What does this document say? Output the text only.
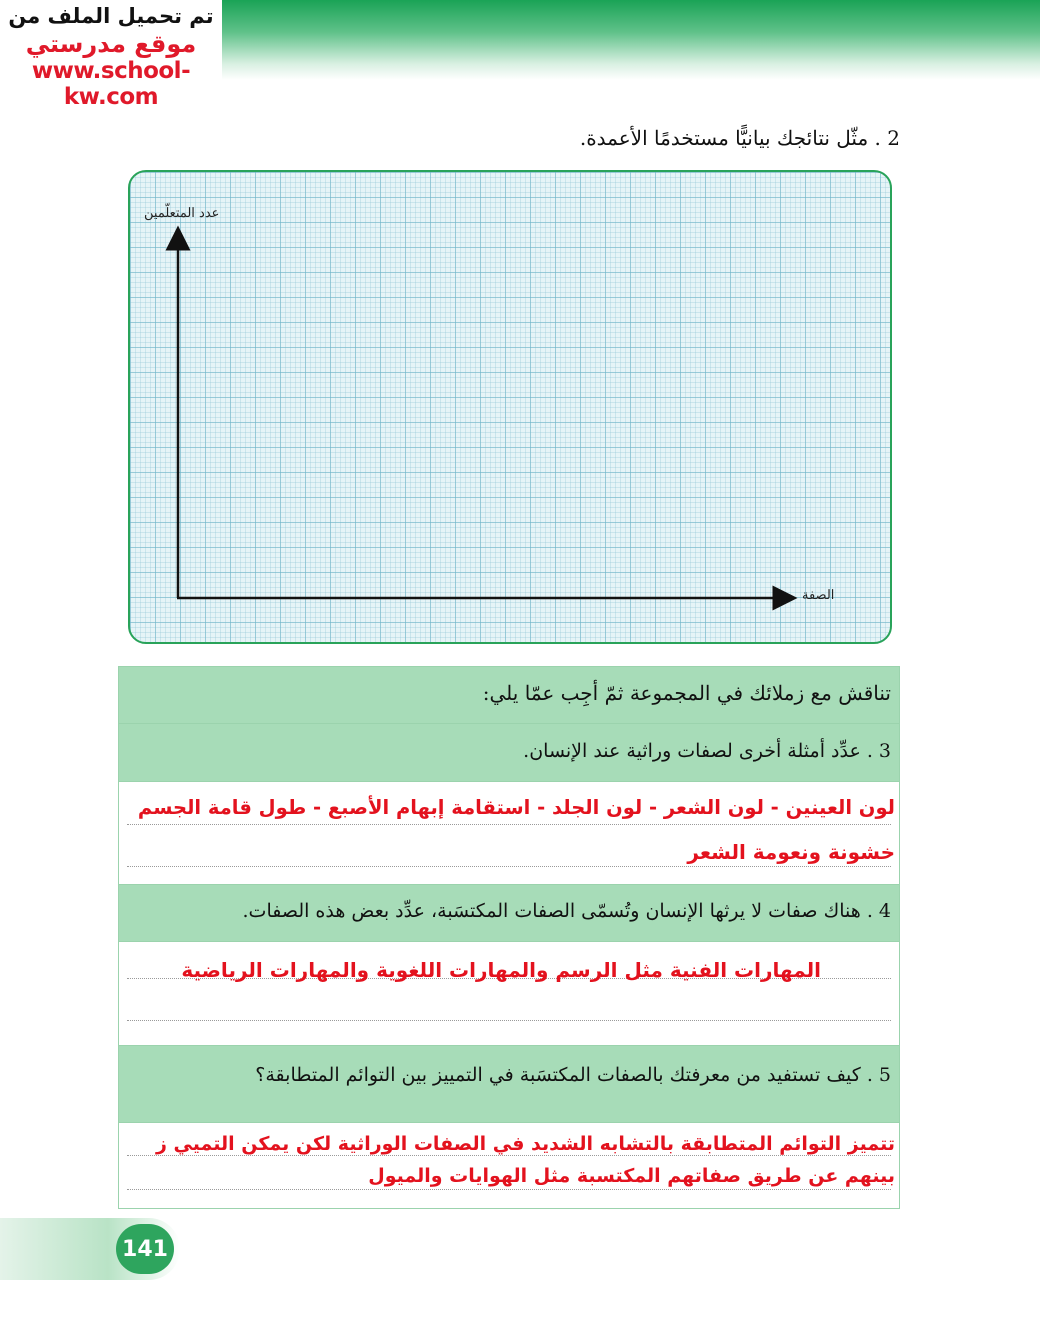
تم تحميل الملف من
موقع مدرستي
www.school-kw.com
2 . مثّل نتائجك بيانيًّا مستخدمًا الأعمدة.
عدد المتعلّمين
الصفة
تناقش مع زملائك في المجموعة ثمّ أجِب عمّا يلي:
3 . عدِّد أمثلة أخرى لصفات وراثية عند الإنسان.
لون العينين - لون الشعر - لون الجلد - استقامة إبهام الأصبع - طول قامة الجسم
خشونة ونعومة الشعر
4 . هناك صفات لا يرثها الإنسان وتُسمّى الصفات المكتسَبة، عدِّد بعض هذه الصفات.
المهارات الفنية مثل الرسم والمهارات اللغوية والمهارات الرياضية
5 . كيف تستفيد من معرفتك بالصفات المكتسَبة في التمييز بين التوائم المتطابقة؟
تتميز التوائم المتطابقة بالتشابه الشديد في الصفات الوراثية لكن يمكن التميي ز
بينهم عن طريق صفاتهم المكتسبة مثل الهوايات والميول
141
